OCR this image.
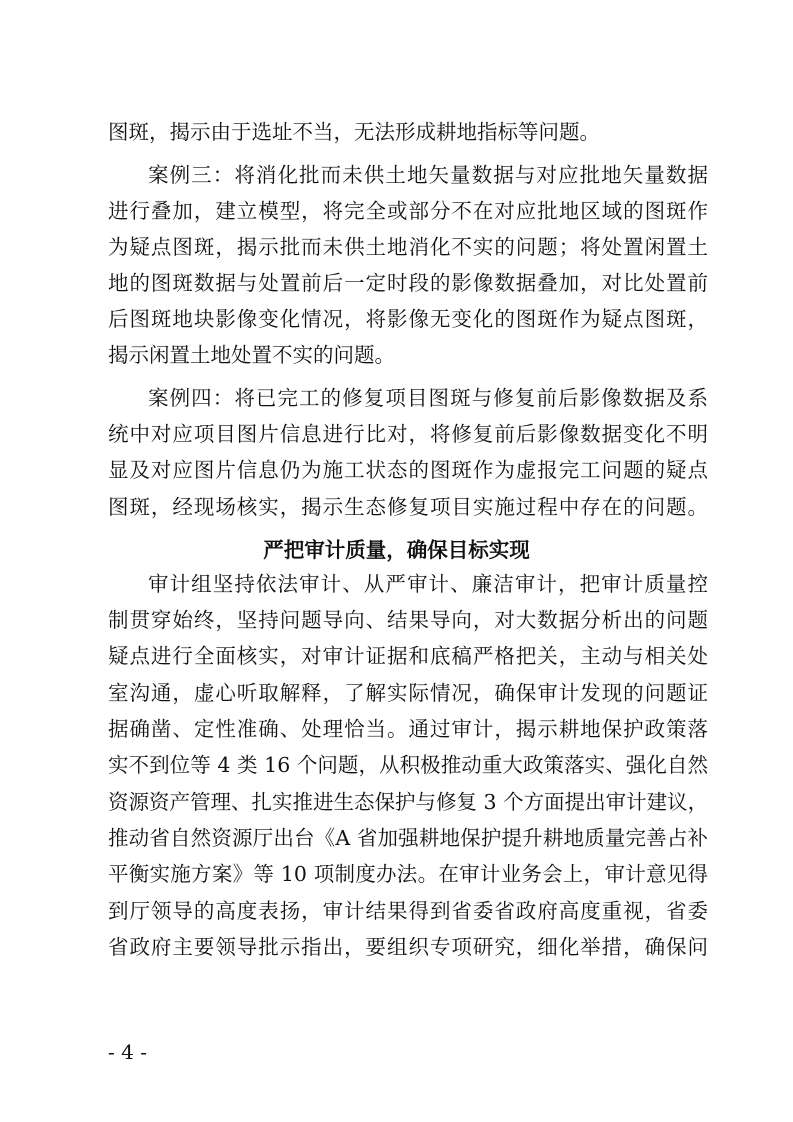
图斑，揭示由于选址不当，无法形成耕地指标等问题。
案例三：将消化批而未供土地矢量数据与对应批地矢量数据
进行叠加，建立模型，将完全或部分不在对应批地区域的图斑作
为疑点图斑，揭示批而未供土地消化不实的问题；将处置闲置土
地的图斑数据与处置前后一定时段的影像数据叠加，对比处置前
后图斑地块影像变化情况，将影像无变化的图斑作为疑点图斑，
揭示闲置土地处置不实的问题。
案例四：将已完工的修复项目图斑与修复前后影像数据及系
统中对应项目图片信息进行比对，将修复前后影像数据变化不明
显及对应图片信息仍为施工状态的图斑作为虚报完工问题的疑点
图斑，经现场核实，揭示生态修复项目实施过程中存在的问题。
严把审计质量，确保目标实现
审计组坚持依法审计、从严审计、廉洁审计，把审计质量控
制贯穿始终，坚持问题导向、结果导向，对大数据分析出的问题
疑点进行全面核实，对审计证据和底稿严格把关，主动与相关处
室沟通，虚心听取解释，了解实际情况，确保审计发现的问题证
据确凿、定性准确、处理恰当。通过审计，揭示耕地保护政策落
实不到位等 4 类 16 个问题，从积极推动重大政策落实、强化自然
资源资产管理、扎实推进生态保护与修复 3 个方面提出审计建议，
推动省自然资源厅出台《A 省加强耕地保护提升耕地质量完善占补
平衡实施方案》等 10 项制度办法。在审计业务会上，审计意见得
到厅领导的高度表扬，审计结果得到省委省政府高度重视，省委
省政府主要领导批示指出，要组织专项研究，细化举措，确保问
- 4 -
